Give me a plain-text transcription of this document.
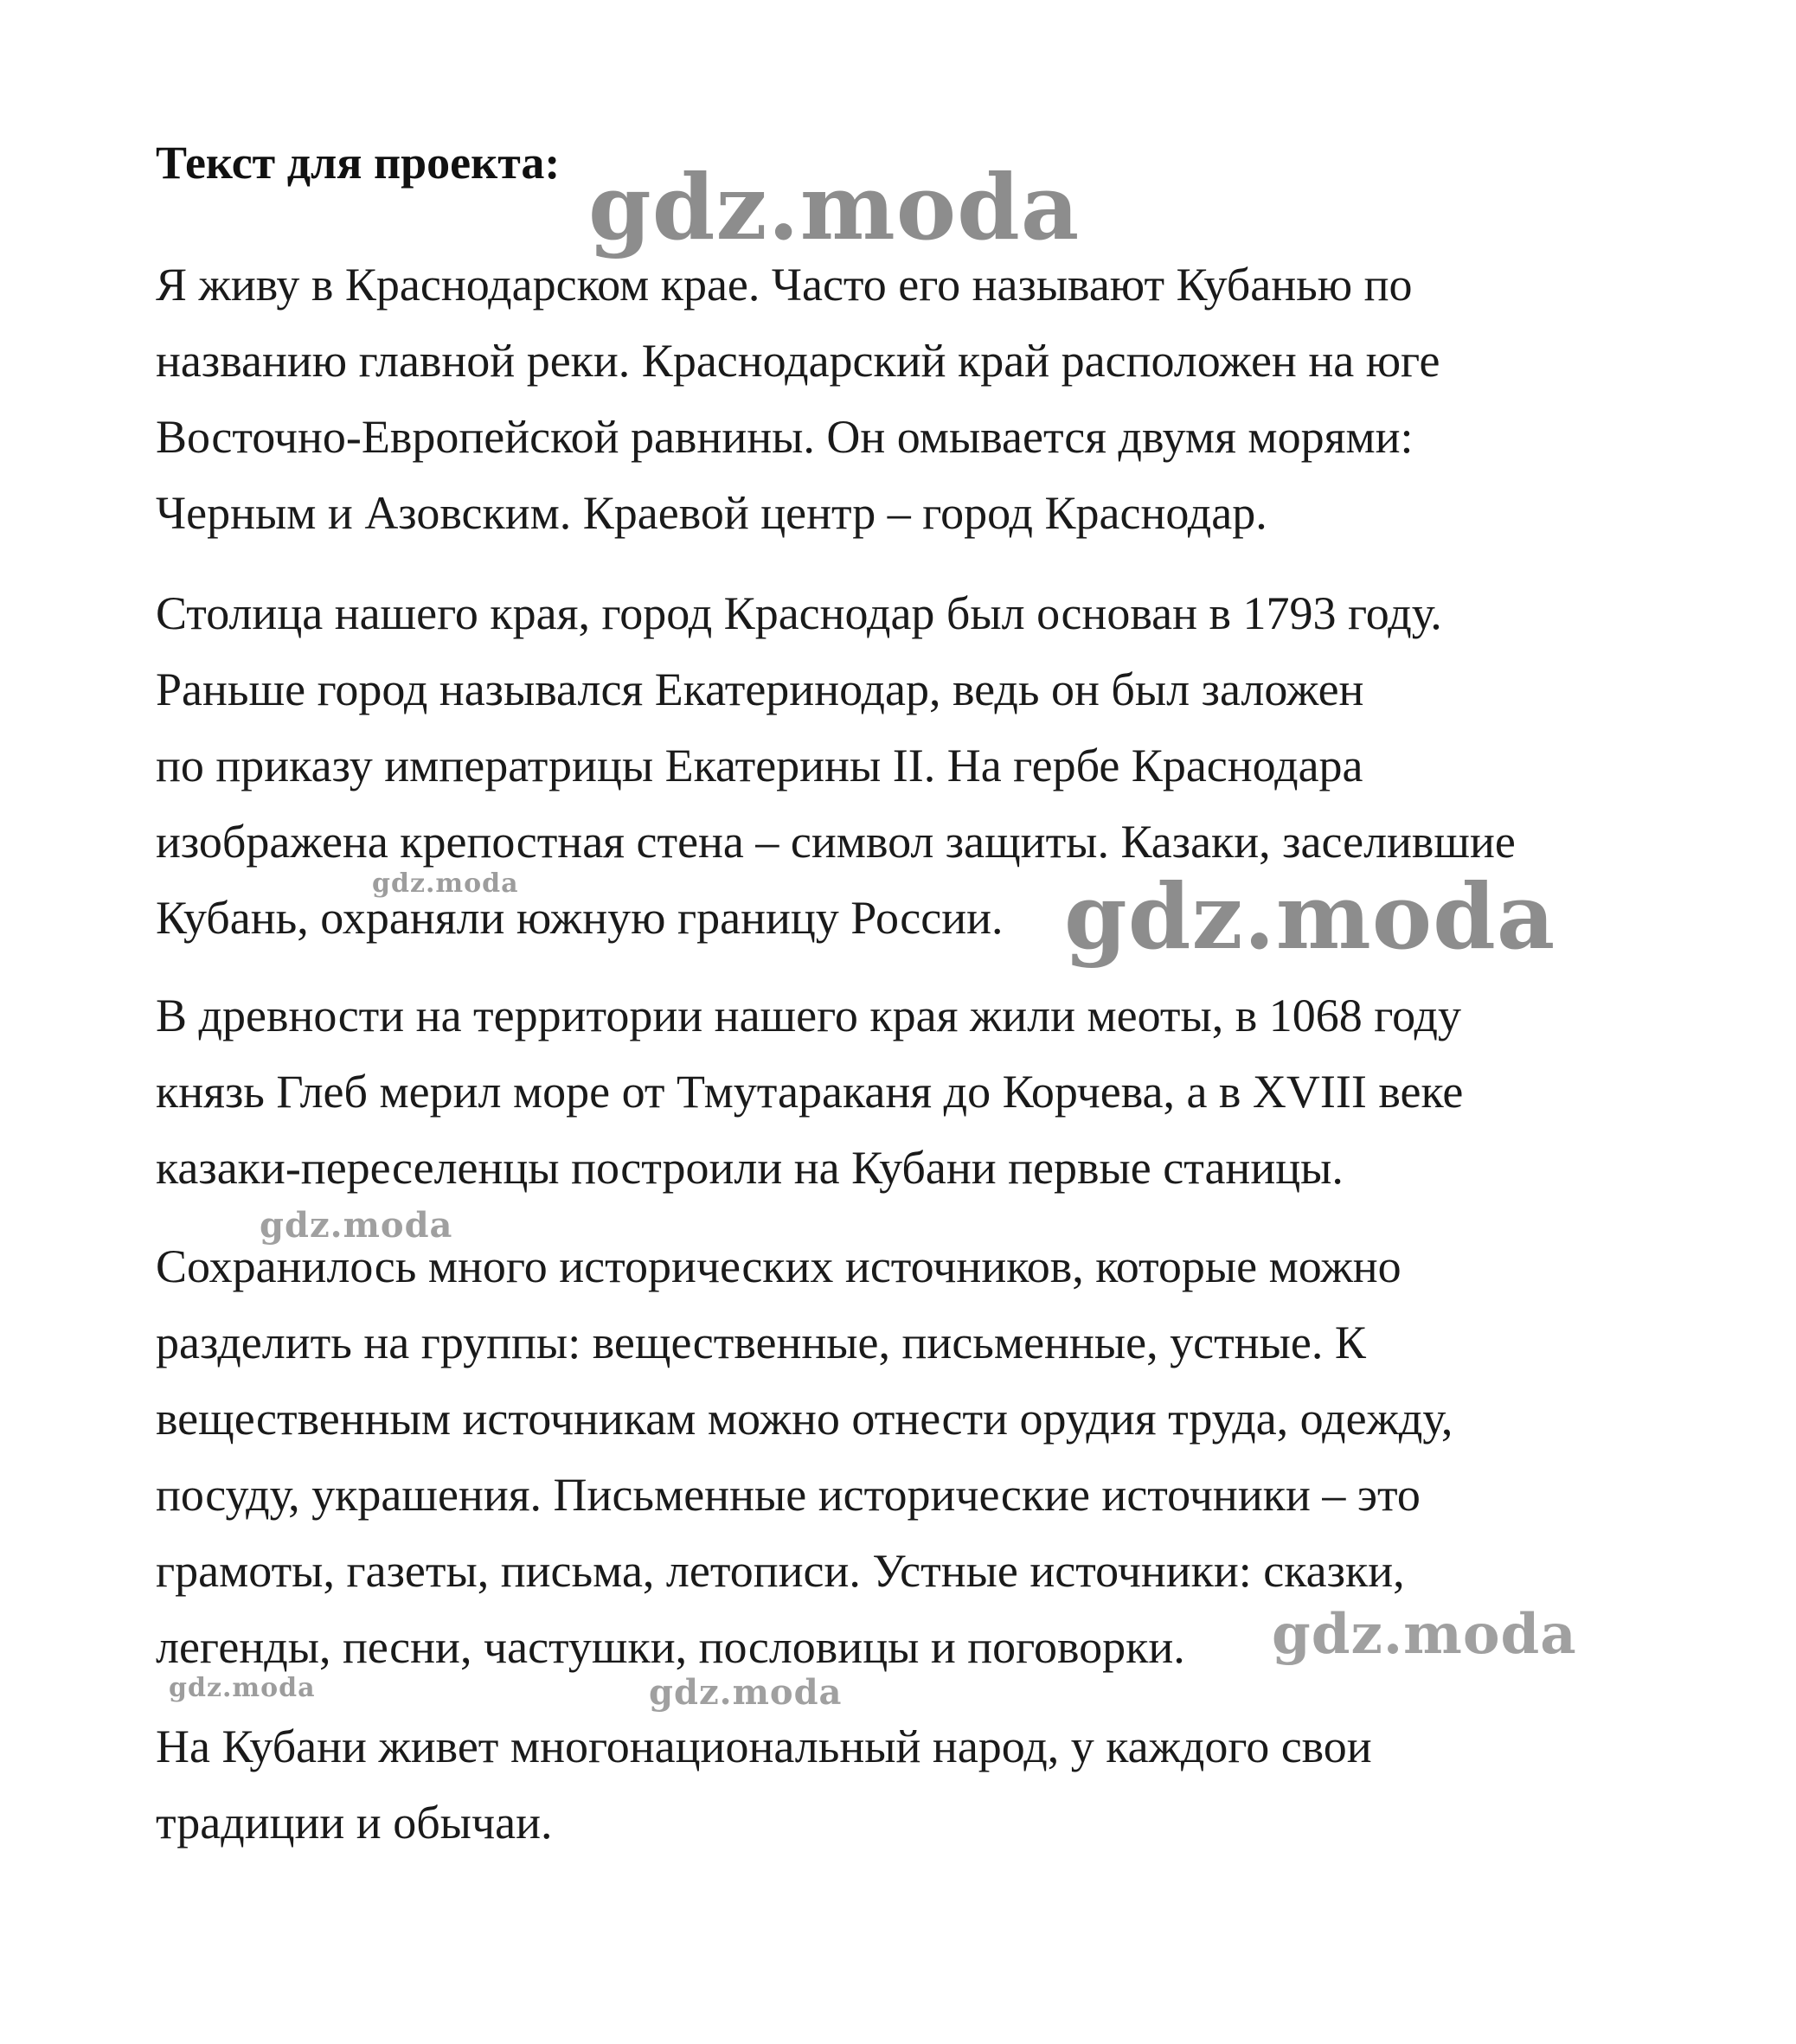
Текст для проекта:
Я живу в Краснодарском крае. Часто его называют Кубанью по
названию главной реки. Краснодарский край расположен на юге
Восточно-Европейской равнины. Он омывается двумя морями:
Черным и Азовским. Краевой центр – город Краснодар.
Столица нашего края, город Краснодар был основан в 1793 году.
Раньше город назывался Екатеринодар, ведь он был заложен
по приказу императрицы Екатерины II. На гербе Краснодара
изображена крепостная стена – символ защиты. Казаки, заселившие
Кубань, охраняли южную границу России.
В древности на территории нашего края жили меоты, в 1068 году
князь Глеб мерил море от Тмутараканя до Корчева, а в XVIII веке
казаки-переселенцы построили на Кубани первые станицы.
Сохранилось много исторических источников, которые можно
разделить на группы: вещественные, письменные, устные. К
вещественным источникам можно отнести орудия труда, одежду,
посуду, украшения. Письменные исторические источники – это
грамоты, газеты, письма, летописи. Устные источники: сказки,
легенды, песни, частушки, пословицы и поговорки.
На Кубани живет многонациональный народ, у каждого свои
традиции и обычаи.
gdz.moda
gdz.moda	gdz.moda
gdz.moda
gdz.moda
gdz.moda	gdz.moda
